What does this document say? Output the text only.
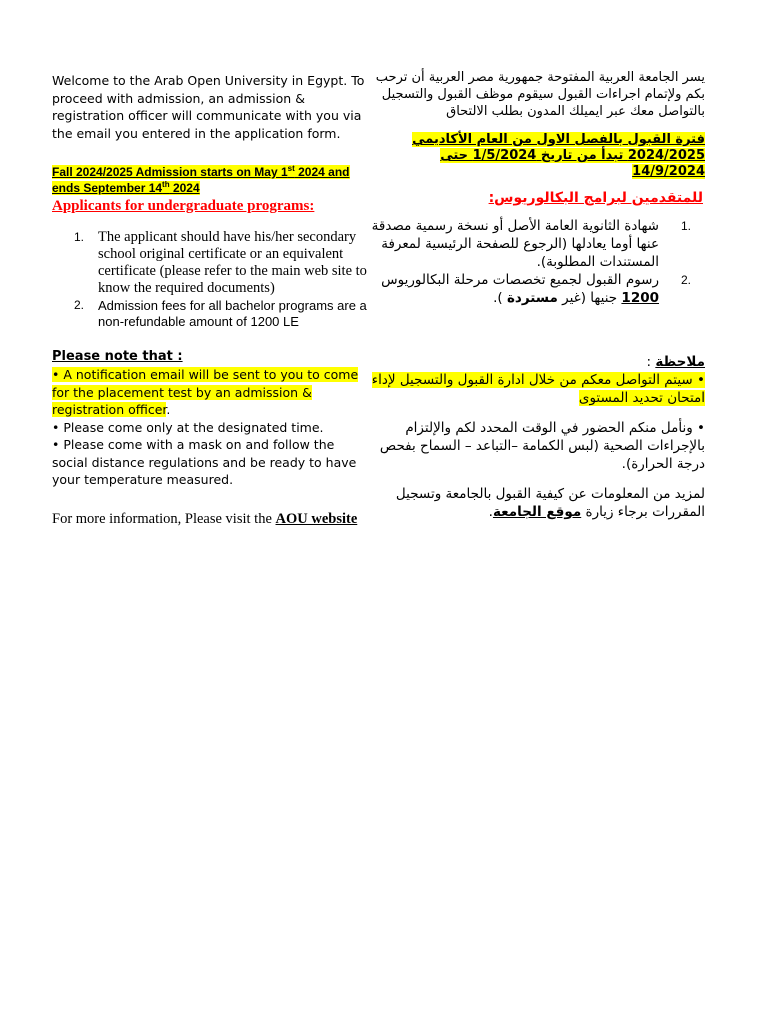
Welcome to the Arab Open University in Egypt. To proceed with admission, an admission & registration officer will communicate with you via the email you entered in the application form.

Fall 2024/2025 Admission starts on May 1st 2024 and ends September 14th 2024

Applicants for undergraduate programs:

1. The applicant should have his/her secondary school original certificate or an equivalent certificate (please refer to the main web site to know the required documents)
2. Admission fees for all bachelor programs are a non-refundable amount of 1200 LE

Please note that :

• A notification email will be sent to you to come for the placement test by an admission & registration officer.

• Please come only at the designated time.

• Please come with a mask on and follow the social distance regulations and be ready to have your temperature measured.

For more information, Please visit the AOU website

يسر الجامعة العربية المفتوحة جمهورية مصر العربية أن ترحب بكم ولإتمام اجراءات القبول سيقوم موظف القبول والتسجيل بالتواصل معك عبر ايميلك المدون بطلب الالتحاق

فترة القبول بالفصل الاول من العام الأكاديمي 2024/2025 تبدأ من تاريخ 1/5/2024 حتى 14/9/2024

للمتقدمين لبرامج البكالوريوس:

1.
شهادة الثانوية العامة الأصل أو نسخة رسمية مصدقة عنها أوما يعادلها (الرجوع للصفحة الرئيسية لمعرفة المستندات المطلوبة).
2.
رسوم القبول لجميع تخصصات مرحلة البكالوريوس
1200 جنيها (غير مستردة ).

ملاحظة :

• سيتم التواصل معكم من خلال ادارة القبول والتسجيل لإداء امتحان تحديد المستوى

• ونأمل منكم الحضور في الوقت المحدد لكم والإلتزام بالإجراءات الصحية (لبس الكمامة –التباعد – السماح بفحص درجة الحرارة).

لمزيد من المعلومات عن كيفية القبول بالجامعة وتسجيل المقررات برجاء زيارة موقع الجامعة.
